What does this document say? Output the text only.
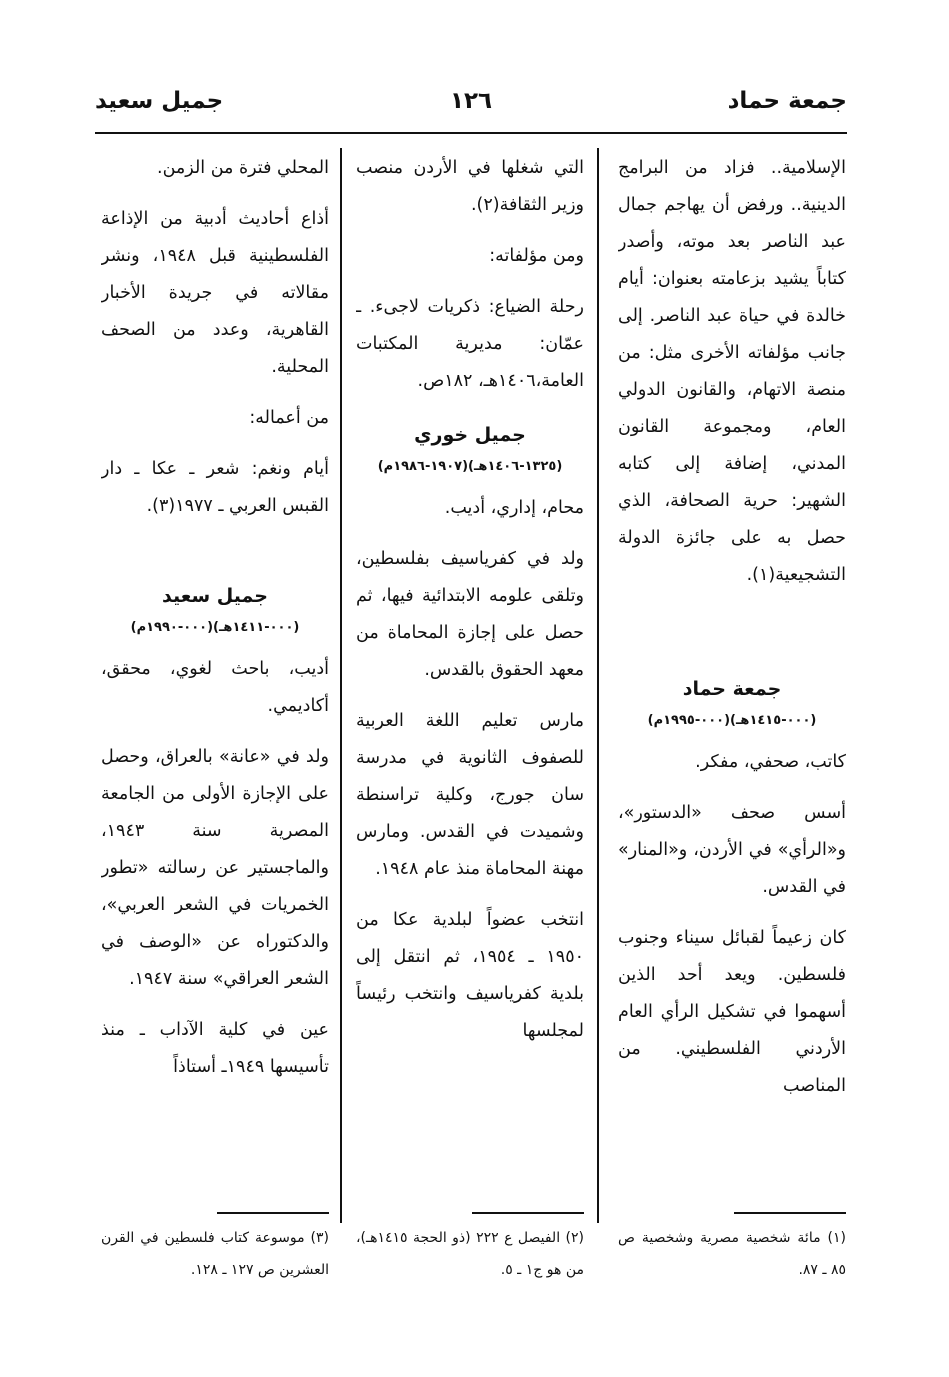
جمعة حماد
١٢٦
جميل سعيد

الإسلامية.. فزاد من البرامج الدينية.. ورفض أن يهاجم جمال عبد الناصر بعد موته، وأصدر كتاباً يشيد بزعامته بعنوان: أيام خالدة في حياة عبد الناصر. إلى جانب مؤلفاته الأخرى مثل: من منصة الاتهام، والقانون الدولي العام، ومجموعة القانون المدني، إضافة إلى كتابه الشهير: حرية الصحافة، الذي حصل به على جائزة الدولة التشجيعية(١).

جمعة حماد
(٠٠٠-١٤١٥هـ)(٠٠٠-١٩٩٥م)

كاتب، صحفي، مفكر.

أسس صحف «الدستور»، و«الرأي» في الأردن، و«المنار» في القدس.

كان زعيماً لقبائل سيناء وجنوب فلسطين. ويعد أحد الذين أسهموا في تشكيل الرأي العام الأردني الفلسطيني. من المناصب

التي شغلها في الأردن منصب وزير الثقافة(٢).

ومن مؤلفاته:

رحلة الضياع: ذكريات لاجىء. ـ عمّان: مديرية المكتبات العامة،١٤٠٦هـ، ١٨٢ص.

جميل خوري
(١٣٢٥-١٤٠٦هـ)(١٩٠٧-١٩٨٦م)

محام، إداري، أديب.

ولد في كفرياسيف بفلسطين، وتلقى علومه الابتدائية فيها، ثم حصل على إجازة المحاماة من معهد الحقوق بالقدس.

مارس تعليم اللغة العربية للصفوف الثانوية في مدرسة سان جورج، وكلية تراسنطة وشميدت في القدس. ومارس مهنة المحاماة منذ عام ١٩٤٨.

انتخب عضواً لبلدية عكا من ١٩٥٠ ـ ١٩٥٤، ثم انتقل إلى بلدية كفرياسيف وانتخب رئيساً لمجلسها

المحلي فترة من الزمن.

أذاع أحاديث أدبية من الإذاعة الفلسطينية قبل ١٩٤٨، ونشر مقالاته في جريدة الأخبار القاهرية، وعدد من الصحف المحلية.

من أعماله:

أيام ونغم: شعر ـ عكا ـ دار القبس العربي ـ ١٩٧٧(٣).

جميل سعيد
(٠٠٠-١٤١١هـ)(٠٠٠-١٩٩٠م)

أديب، باحث لغوي، محقق، أكاديمي.

ولد في «عانة» بالعراق، وحصل على الإجازة الأولى من الجامعة المصرية سنة ١٩٤٣، والماجستير عن رسالته «تطور الخمريات في الشعر العربي»، والدكتوراه عن «الوصف في الشعر العراقي» سنة ١٩٤٧.

عين في كلية الآداب ـ منذ تأسيسها ١٩٤٩ـ أستاذاً

(١) مائة شخصية مصرية وشخصية ص ٨٥ ـ ٨٧.

(٢) الفيصل ع ٢٢٢ (ذو الحجة ١٤١٥هـ)، من هو ج١ ـ ٥.

(٣) موسوعة كتاب فلسطين في القرن العشرين ص ١٢٧ ـ ١٢٨.
